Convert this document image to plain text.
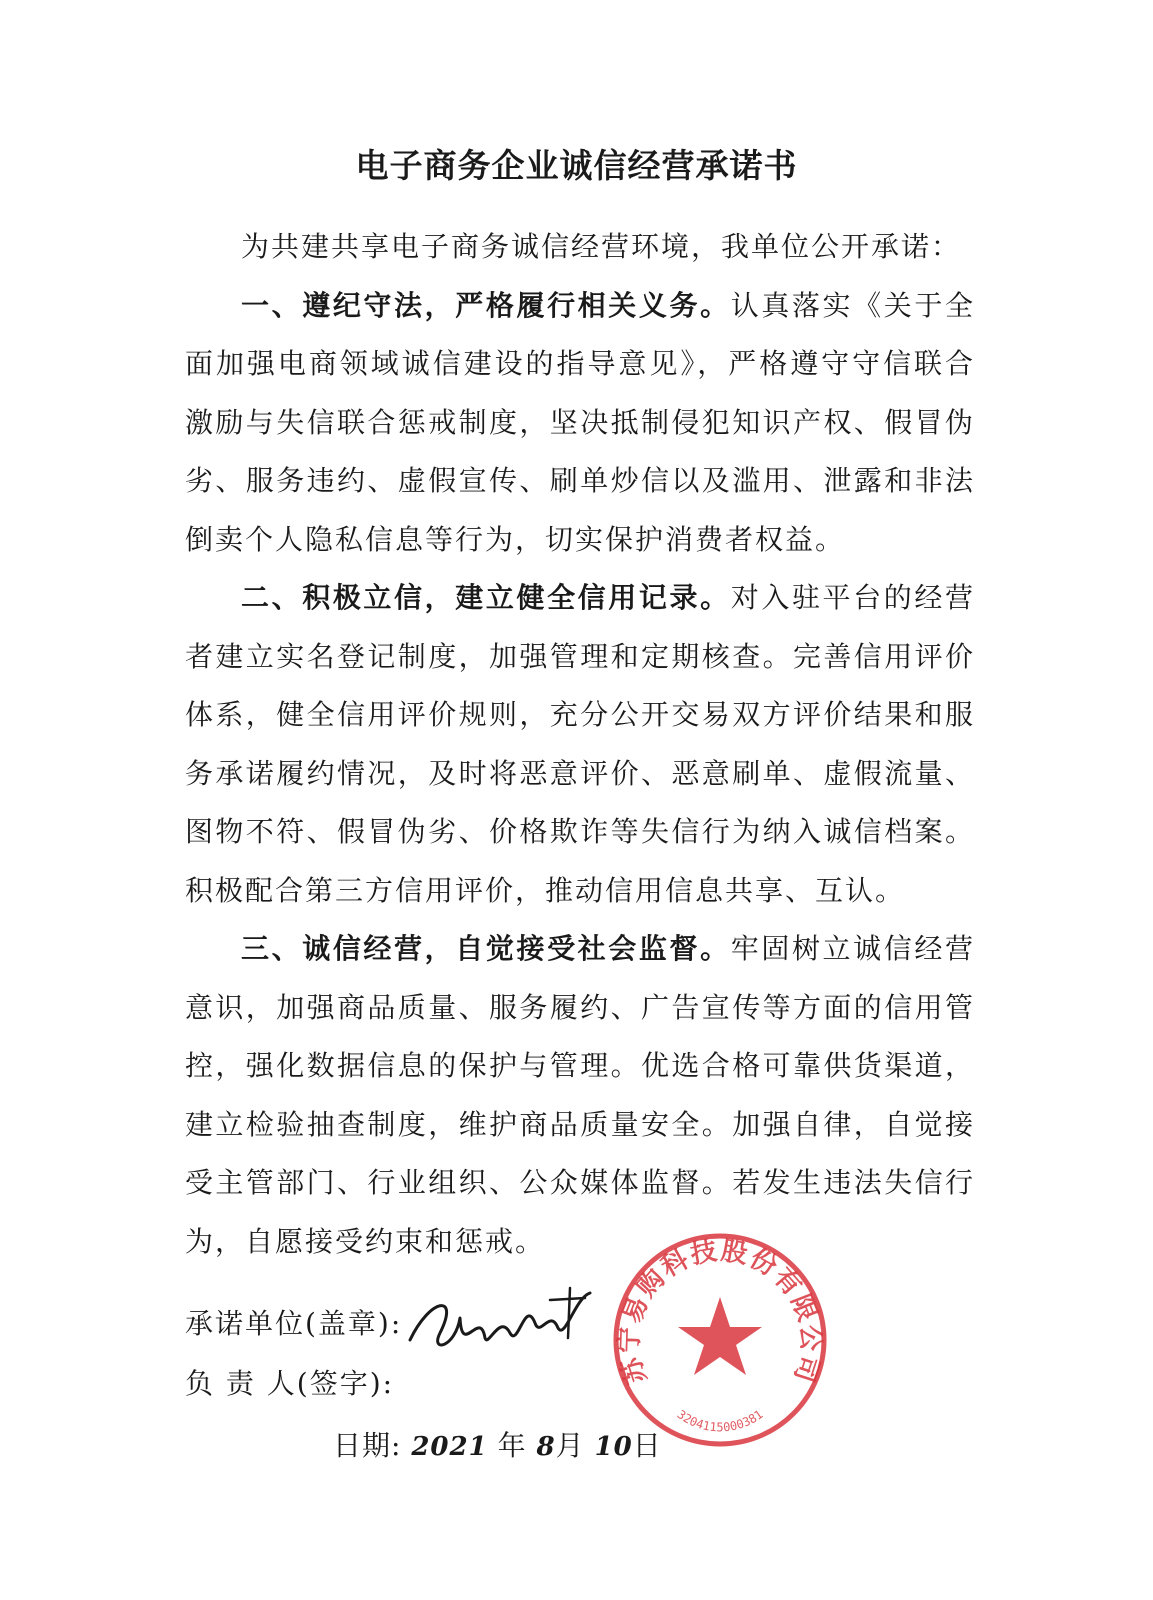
电子商务企业诚信经营承诺书

为共建共享电子商务诚信经营环境，我单位公开承诺：

一、遵纪守法，严格履行相关义务。认真落实《关于全面加强电商领域诚信建设的指导意见》，严格遵守守信联合激励与失信联合惩戒制度，坚决抵制侵犯知识产权、假冒伪劣、服务违约、虚假宣传、刷单炒信以及滥用、泄露和非法倒卖个人隐私信息等行为，切实保护消费者权益。

二、积极立信，建立健全信用记录。对入驻平台的经营者建立实名登记制度，加强管理和定期核查。完善信用评价体系，健全信用评价规则，充分公开交易双方评价结果和服务承诺履约情况，及时将恶意评价、恶意刷单、虚假流量、图物不符、假冒伪劣、价格欺诈等失信行为纳入诚信档案。积极配合第三方信用评价，推动信用信息共享、互认。

三、诚信经营，自觉接受社会监督。牢固树立诚信经营意识，加强商品质量、服务履约、广告宣传等方面的信用管控，强化数据信息的保护与管理。优选合格可靠供货渠道，建立检验抽查制度，维护商品质量安全。加强自律，自觉接受主管部门、行业组织、公众媒体监督。若发生违法失信行为，自愿接受约束和惩戒。

承诺单位(盖章):
负 责 人(签字):
日期: 2021 年 8月 10日
苏宁易购科技股份有限公司
3204115000381
